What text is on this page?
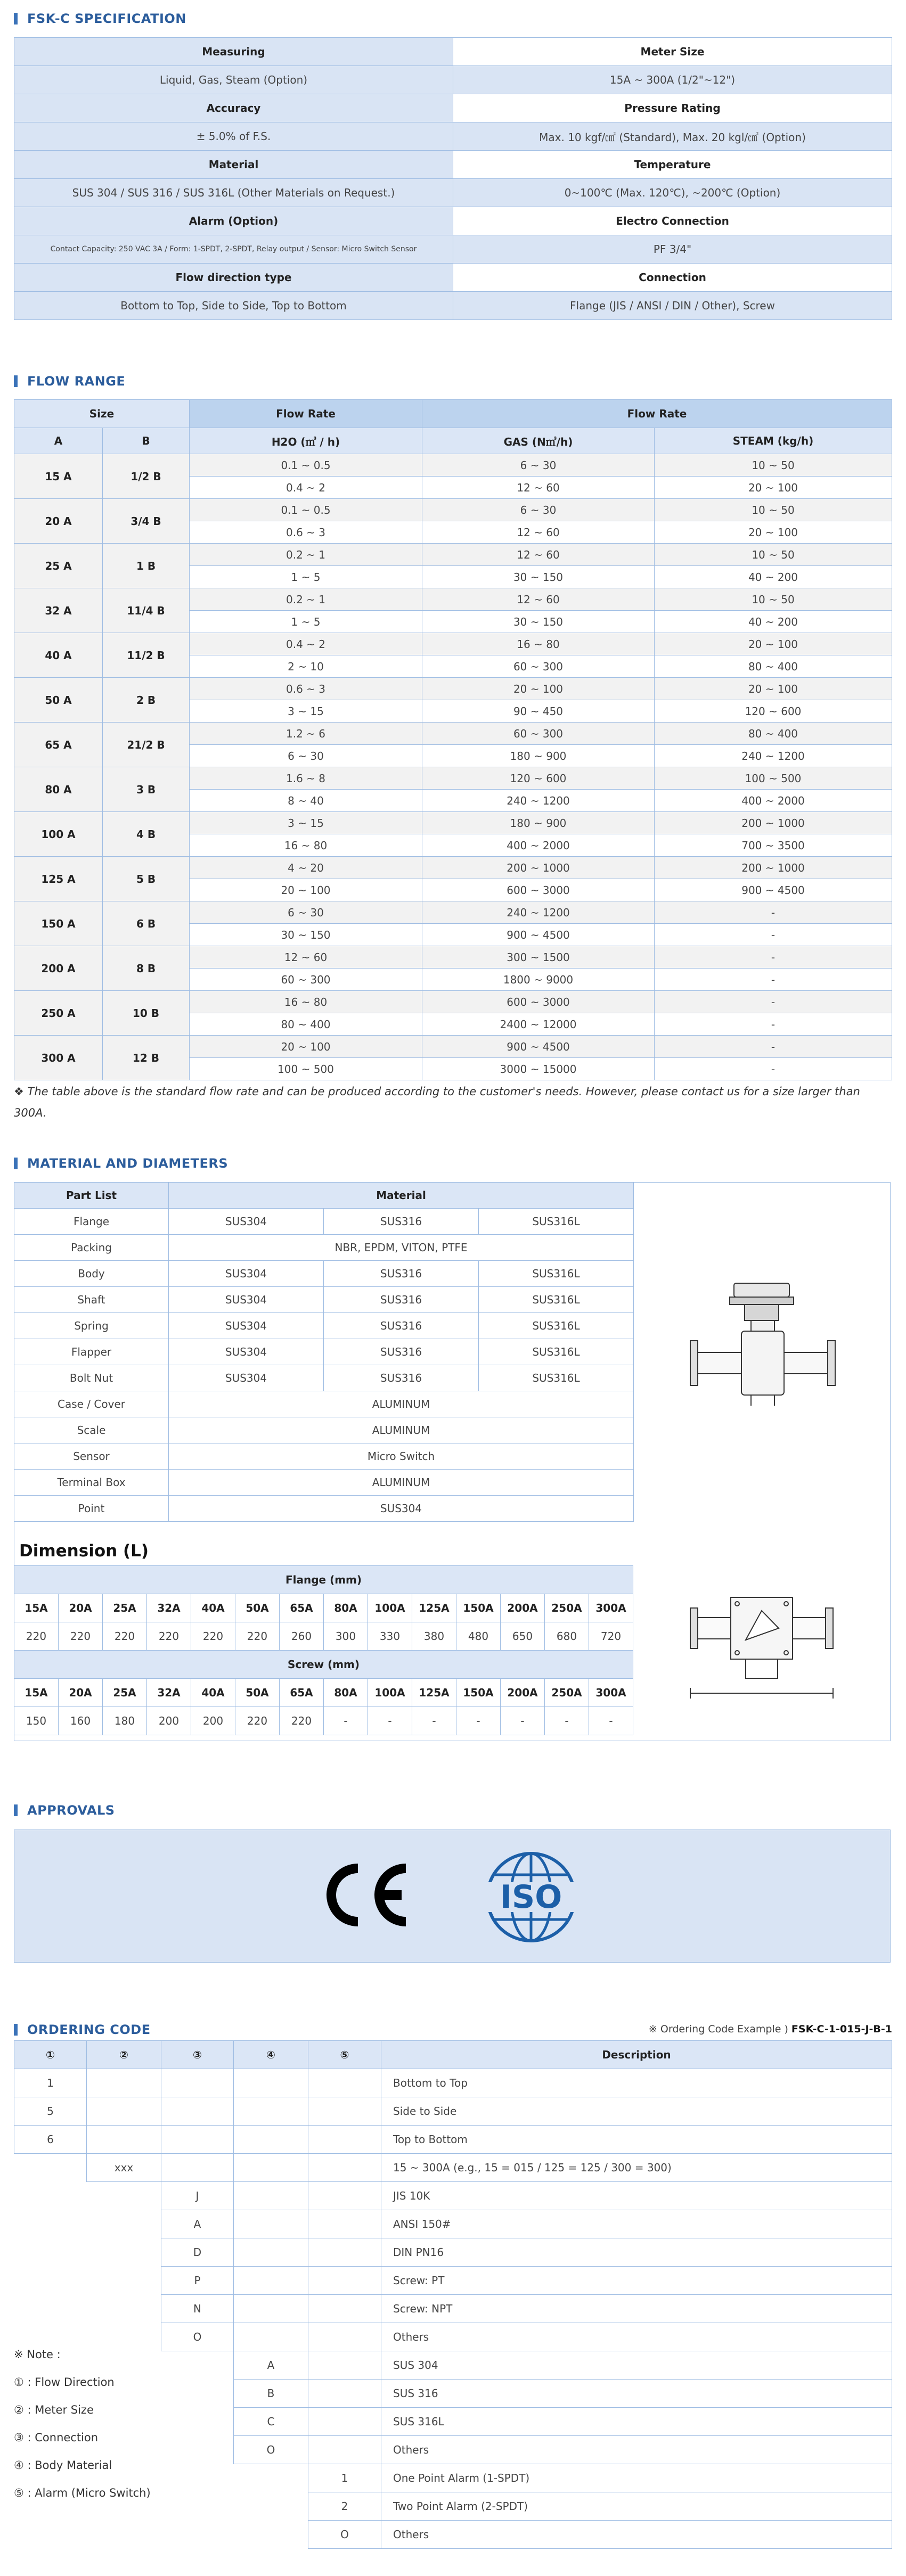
FSK-C SPECIFICATION
Measuring	Meter Size
Liquid, Gas, Steam (Option)	15A ~ 300A (1/2"~12")
Accuracy	Pressure Rating
± 5.0% of F.S.	Max. 10 kgf/㎠ (Standard), Max. 20 kgl/㎠ (Option)
Material	Temperature
SUS 304 / SUS 316 / SUS 316L (Other Materials on Request.)	0~100℃ (Max. 120℃), ~200℃ (Option)
Alarm (Option)	Electro Connection
Contact Capacity: 250 VAC 3A / Form: 1-SPDT, 2-SPDT, Relay output / Sensor: Micro Switch Sensor	PF 3/4"
Flow direction type	Connection
Bottom to Top, Side to Side, Top to Bottom	Flange (JIS / ANSI / DIN / Other), Screw
FLOW RANGE
Size		Flow Rate	Flow Rate	
A	B	H2O (㎥ / h)	GAS (N㎥/h)	STEAM (kg/h)
15 A	1/2 B	0.1 ~ 0.5	6 ~ 30	10 ~ 50
		0.4 ~ 2	12 ~ 60	20 ~ 100
20 A	3/4 B	0.1 ~ 0.5	6 ~ 30	10 ~ 50
		0.6 ~ 3	12 ~ 60	20 ~ 100
25 A	1 B	0.2 ~ 1	12 ~ 60	10 ~ 50
		1 ~ 5	30 ~ 150	40 ~ 200
32 A	11/4 B	0.2 ~ 1	12 ~ 60	10 ~ 50
		1 ~ 5	30 ~ 150	40 ~ 200
40 A	11/2 B	0.4 ~ 2	16 ~ 80	20 ~ 100
		2 ~ 10	60 ~ 300	80 ~ 400
50 A	2 B	0.6 ~ 3	20 ~ 100	20 ~ 100
		3 ~ 15	90 ~ 450	120 ~ 600
65 A	21/2 B	1.2 ~ 6	60 ~ 300	80 ~ 400
		6 ~ 30	180 ~ 900	240 ~ 1200
80 A	3 B	1.6 ~ 8	120 ~ 600	100 ~ 500
		8 ~ 40	240 ~ 1200	400 ~ 2000
100 A	4 B	3 ~ 15	180 ~ 900	200 ~ 1000
		16 ~ 80	400 ~ 2000	700 ~ 3500
125 A	5 B	4 ~ 20	200 ~ 1000	200 ~ 1000
		20 ~ 100	600 ~ 3000	900 ~ 4500
150 A	6 B	6 ~ 30	240 ~ 1200	-
		30 ~ 150	900 ~ 4500	-
200 A	8 B	12 ~ 60	300 ~ 1500	-
		60 ~ 300	1800 ~ 9000	-
250 A	10 B	16 ~ 80	600 ~ 3000	-
		80 ~ 400	2400 ~ 12000	-
300 A	12 B	20 ~ 100	900 ~ 4500	-
		100 ~ 500	3000 ~ 15000	-
❖ The table above is the standard flow rate and can be produced according to the customer's needs. However, please contact us for a size larger than 300A.
MATERIAL AND DIAMETERS
Part List	Material		
Flange	SUS304	SUS316	SUS316L
Packing	NBR, EPDM, VITON, PTFE		
Body	SUS304	SUS316	SUS316L
Shaft	SUS304	SUS316	SUS316L
Spring	SUS304	SUS316	SUS316L
Flapper	SUS304	SUS316	SUS316L
Bolt Nut	SUS304	SUS316	SUS316L
Case / Cover	ALUMINUM		
Scale	ALUMINUM		
Sensor	Micro Switch		
Terminal Box	ALUMINUM		
Point	SUS304		
Dimension (L)
Flange (mm)													
15A	20A	25A	32A	40A	50A	65A	80A	100A	125A	150A	200A	250A	300A
220	220	220	220	220	220	260	300	330	380	480	650	680	720
Screw (mm)													
15A	20A	25A	32A	40A	50A	65A	80A	100A	125A	150A	200A	250A	300A
150	160	180	200	200	220	220	-	-	-	-	-	-	-
APPROVALS
ISO
ORDERING CODE	※ Ordering Code Example ) FSK-C-1-015-J-B-1
①	②	③	④	⑤	Description
1					Bottom to Top
5					Side to Side
6					Top to Bottom
	xxx				15 ~ 300A (e.g., 15 = 015 / 125 = 125 / 300 = 300)
		J			JIS 10K
		A			ANSI 150#
		D			DIN PN16
		P			Screw: PT
		N			Screw: NPT
		O			Others
			A		SUS 304
			B		SUS 316
			C		SUS 316L
			O		Others
				1	One Point Alarm (1-SPDT)
				2	Two Point Alarm (2-SPDT)
				O	Others
※ Note :
① : Flow Direction
② : Meter Size
③ : Connection
④ : Body Material
⑤ : Alarm (Micro Switch)
